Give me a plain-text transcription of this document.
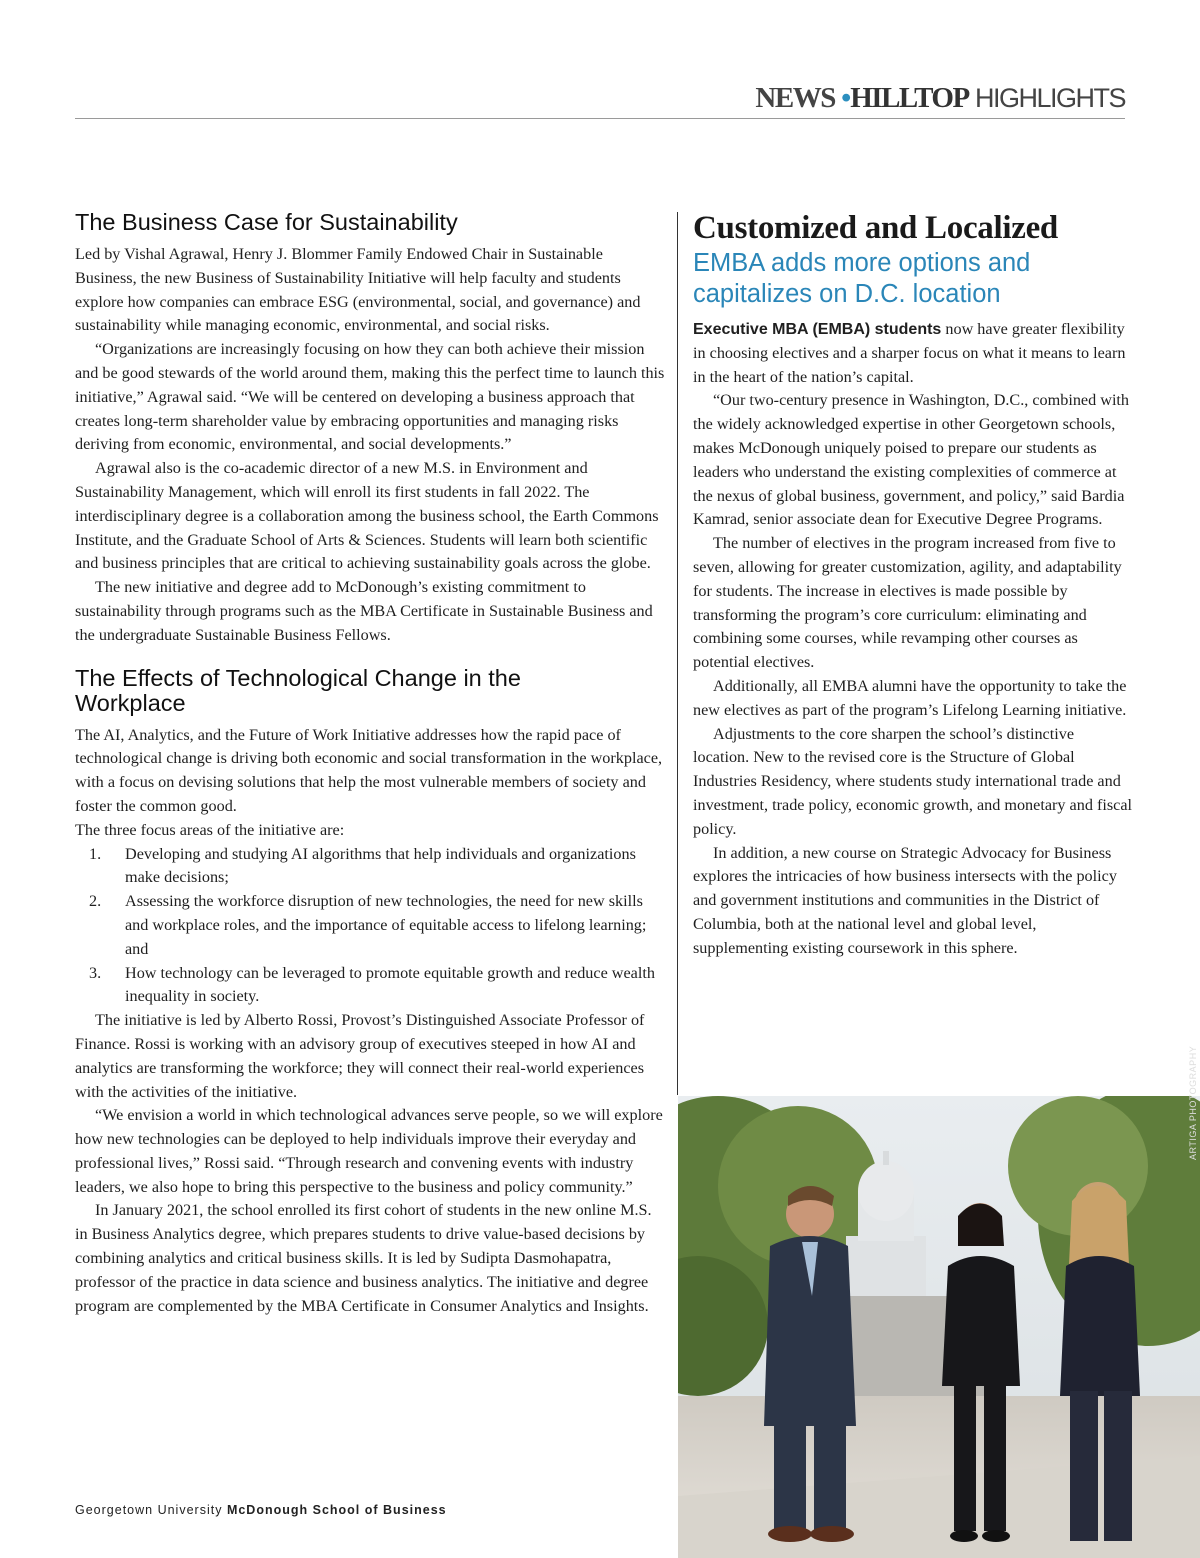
NEWS •HILLTOP HIGHLIGHTS
The Business Case for Sustainability

Led by Vishal Agrawal, Henry J. Blommer Family Endowed Chair in Sustainable Business, the new Business of Sustainability Initiative will help faculty and students explore how companies can embrace ESG (environmental, social, and governance) and sustainability while managing economic, environmental, and social risks.

“Organizations are increasingly focusing on how they can both achieve their mission and be good stewards of the world around them, making this the perfect time to launch this initiative,” Agrawal said. “We will be centered on developing a business approach that creates long-term shareholder value by embracing opportunities and managing risks deriving from economic, environmental, and social developments.”

Agrawal also is the co-academic director of a new M.S. in Environment and Sustainability Management, which will enroll its first students in fall 2022. The interdisciplinary degree is a collaboration among the business school, the Earth Commons Institute, and the Graduate School of Arts & Sciences. Students will learn both scientific and business principles that are critical to achieving sustainability goals across the globe.

The new initiative and degree add to McDonough’s existing commitment to sustainability through programs such as the MBA Certificate in Sustainable Business and the undergraduate Sustainable Business Fellows.

The Effects of Technological Change in the Workplace

The AI, Analytics, and the Future of Work Initiative addresses how the rapid pace of technological change is driving both economic and social transformation in the workplace, with a focus on devising solutions that help the most vulnerable members of society and foster the common good.

The three focus areas of the initiative are:

1. Developing and studying AI algorithms that help individuals and organizations make decisions;
2. Assessing the workforce disruption of new technologies, the need for new skills and workplace roles, and the importance of equitable access to lifelong learning; and
3. How technology can be leveraged to promote equitable growth and reduce wealth inequality in society.

The initiative is led by Alberto Rossi, Provost’s Distinguished Associate Professor of Finance. Rossi is working with an advisory group of executives steeped in how AI and analytics are transforming the workforce; they will connect their real-world experiences with the activities of the initiative.

“We envision a world in which technological advances serve people, so we will explore how new technologies can be deployed to help individuals improve their everyday and professional lives,” Rossi said. “Through research and convening events with industry leaders, we also hope to bring this perspective to the business and policy community.”

In January 2021, the school enrolled its first cohort of students in the new online M.S. in Business Analytics degree, which prepares students to drive value-based decisions by combining analytics and critical business skills. It is led by Sudipta Dasmohapatra, professor of the practice in data science and business analytics. The initiative and degree program are complemented by the MBA Certificate in Consumer Analytics and Insights.

Customized and Localized
EMBA adds more options and capitalizes on D.C. location

Executive MBA (EMBA) students now have greater flexibility in choosing electives and a sharper focus on what it means to learn in the heart of the nation’s capital.

“Our two-century presence in Washington, D.C., combined with the widely acknowledged expertise in other Georgetown schools, makes McDonough uniquely poised to prepare our students as leaders who understand the existing complexities of commerce at the nexus of global business, government, and policy,” said Bardia Kamrad, senior associate dean for Executive Degree Programs.

The number of electives in the program increased from five to seven, allowing for greater customization, agility, and adaptability for students. The increase in electives is made possible by transforming the program’s core curriculum: eliminating and combining some courses, while revamping other courses as potential electives.

Additionally, all EMBA alumni have the opportunity to take the new electives as part of the program’s Lifelong Learning initiative.

Adjustments to the core sharpen the school’s distinctive location. New to the revised core is the Structure of Global Industries Residency, where students study international trade and investment, trade policy, economic growth, and monetary and fiscal policy.

In addition, a new course on Strategic Advocacy for Business explores the intricacies of how business intersects with the policy and government institutions and communities in the District of Columbia, both at the national level and global level, supplementing existing coursework in this sphere.

ARTIGA PHOTOGRAPHY
Georgetown University McDonough School of Business
